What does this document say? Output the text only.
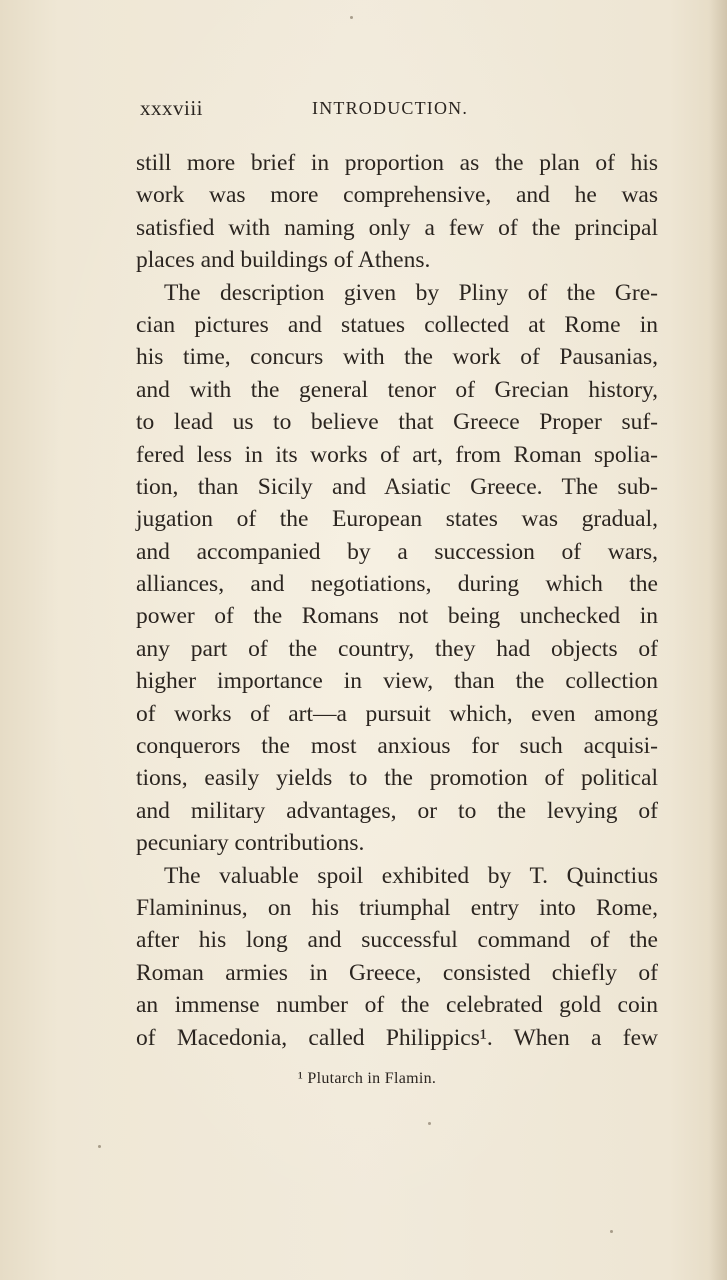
xxxviii	INTRODUCTION.
still more brief in proportion as the plan of his
work was more comprehensive, and he was
satisfied with naming only a few of the principal
places and buildings of Athens.
The description given by Pliny of the Gre-
cian pictures and statues collected at Rome in
his time, concurs with the work of Pausanias,
and with the general tenor of Grecian history,
to lead us to believe that Greece Proper suf-
fered less in its works of art, from Roman spolia-
tion, than Sicily and Asiatic Greece. The sub-
jugation of the European states was gradual,
and accompanied by a succession of wars,
alliances, and negotiations, during which the
power of the Romans not being unchecked in
any part of the country, they had objects of
higher importance in view, than the collection
of works of art—a pursuit which, even among
conquerors the most anxious for such acquisi-
tions, easily yields to the promotion of political
and military advantages, or to the levying of
pecuniary contributions.
The valuable spoil exhibited by T. Quinctius
Flamininus, on his triumphal entry into Rome,
after his long and successful command of the
Roman armies in Greece, consisted chiefly of
an immense number of the celebrated gold coin
of Macedonia, called Philippics¹. When a few
¹ Plutarch in Flamin.
